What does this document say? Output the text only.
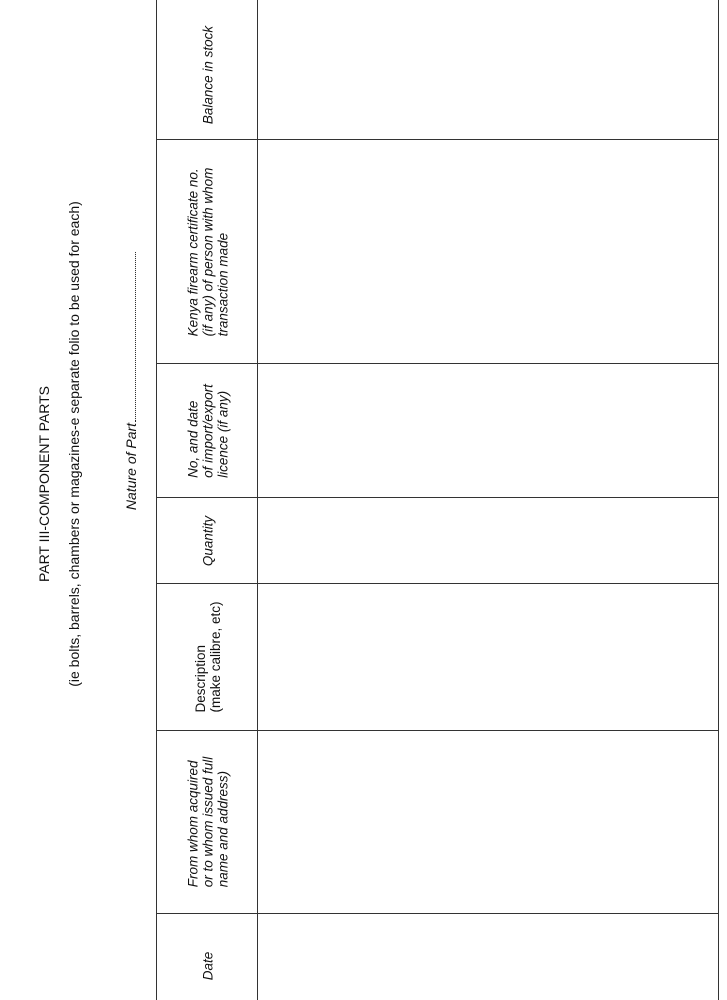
PART III-COMPONENT PARTS (ie bolts, barrels, chambers or magazines-e separate folio to be used for each)	Nature of Part
Balance in stock
Kenya firearm certificate no.
(if any) of person with whom
transaction made
No, and date
of import/export
licence (if any)
Quantity
Description
(make calibre, etc)
From whom acquired
or to whom issued full
name and address)
Date
